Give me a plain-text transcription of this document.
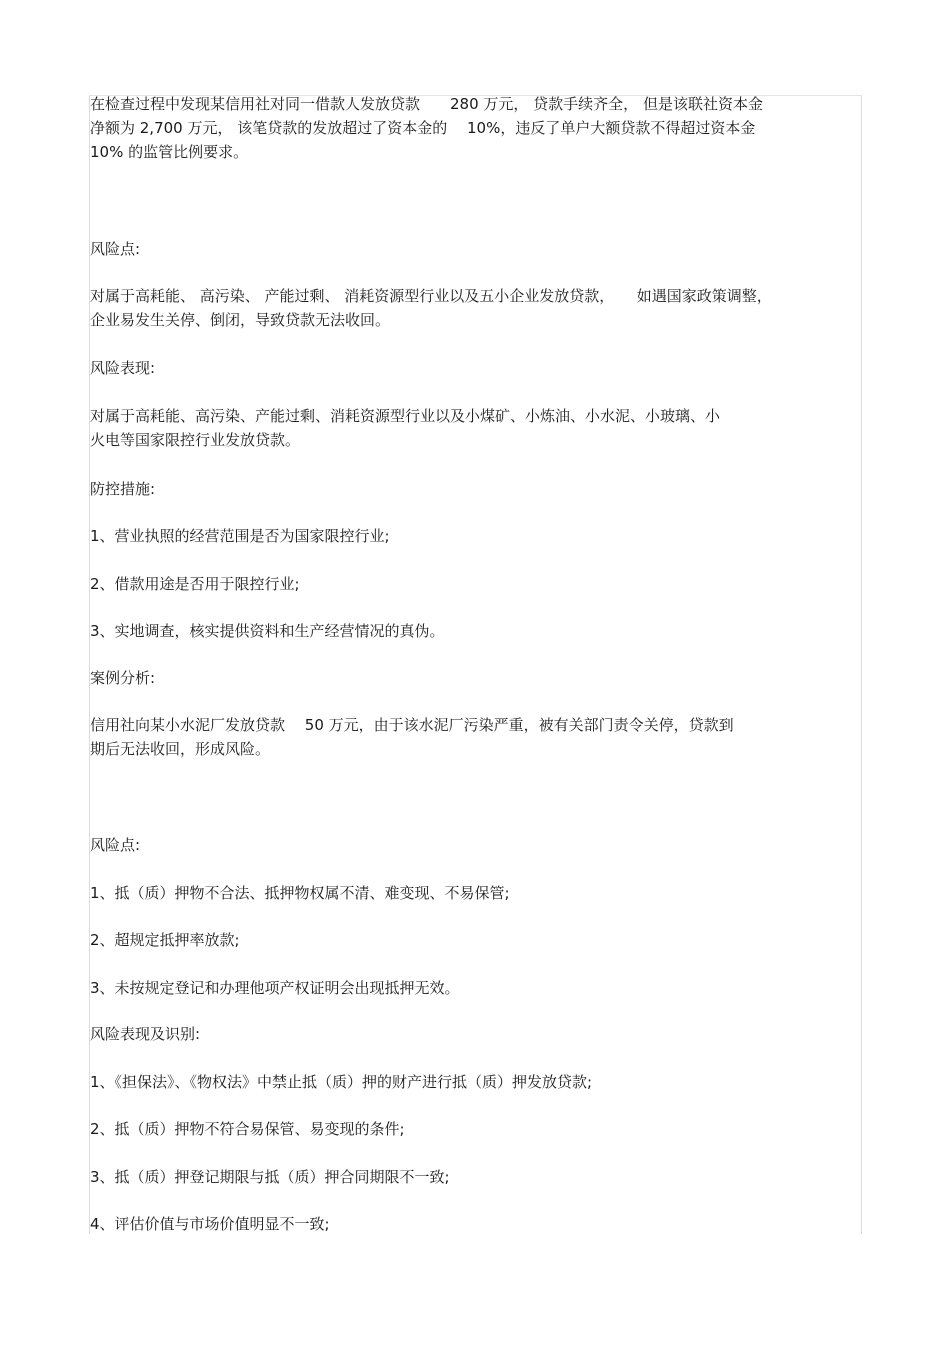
在检查过程中发现某信用社对同一借款人发放贷款　　280 万元， 贷款手续齐全， 但是该联社资本金
净额为 2,700 万元， 该笔贷款的发放超过了资本金的　 10%，违反了单户大额贷款不得超过资本金
10% 的监管比例要求。
风险点:
对属于高耗能、 高污染、 产能过剩、 消耗资源型行业以及五小企业发放贷款，　　如遇国家政策调整，
企业易发生关停、倒闭，导致贷款无法收回。
风险表现:
对属于高耗能、高污染、产能过剩、消耗资源型行业以及小煤矿、小炼油、小水泥、小玻璃、小
火电等国家限控行业发放贷款。
防控措施:
1、营业执照的经营范围是否为国家限控行业;
2、借款用途是否用于限控行业;
3、实地调查，核实提供资料和生产经营情况的真伪。
案例分析:
信用社向某小水泥厂发放贷款　 50 万元，由于该水泥厂污染严重，被有关部门责令关停，贷款到
期后无法收回，形成风险。
风险点:
1、抵（质）押物不合法、抵押物权属不清、难变现、不易保管;
2、超规定抵押率放款;
3、未按规定登记和办理他项产权证明会出现抵押无效。
风险表现及识别:
1、《担保法》、《物权法》中禁止抵（质）押的财产进行抵（质）押发放贷款;
2、抵（质）押物不符合易保管、易变现的条件;
3、抵（质）押登记期限与抵（质）押合同期限不一致;
4、评估价值与市场价值明显不一致;
